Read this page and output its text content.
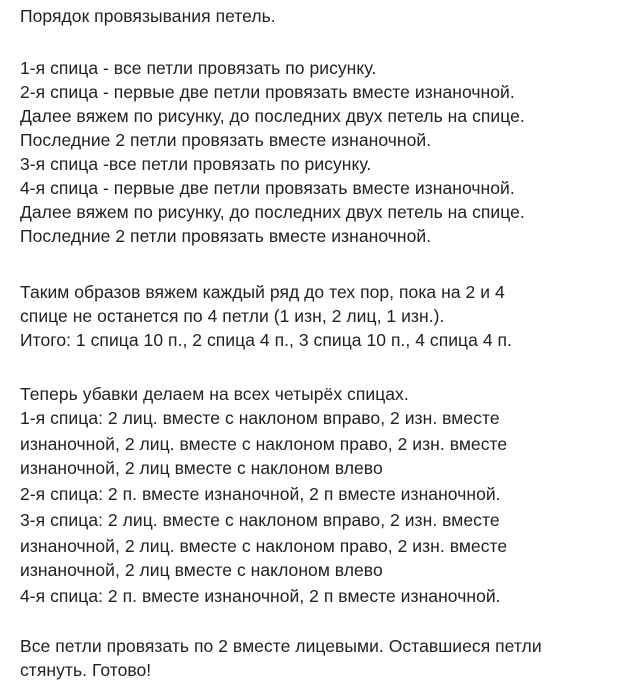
Порядок провязывания петель.
1-я спица - все петли провязать по рисунку.
2-я спица - первые две петли провязать вместе изнаночной.
Далее вяжем по рисунку, до последних двух петель на спице.
Последние 2 петли провязать вместе изнаночной.
3-я спица -все петли провязать по рисунку.
4-я спица - первые две петли провязать вместе изнаночной.
Далее вяжем по рисунку, до последних двух петель на спице.
Последние 2 петли провязать вместе изнаночной.
Таким образов вяжем каждый ряд до тех пор, пока на 2 и 4
спице не останется по 4 петли (1 изн, 2 лиц, 1 изн.).
Итого: 1 спица 10 п., 2 спица 4 п., 3 спица 10 п., 4 спица 4 п.
Теперь убавки делаем на всех четырёх спицах.
1-я спица: 2 лиц. вместе с наклоном вправо, 2 изн. вместе
изнаночной, 2 лиц. вместе с наклоном право, 2 изн. вместе
изнаночной, 2 лиц вместе с наклоном влево
2-я спица: 2 п. вместе изнаночной, 2 п вместе изнаночной.
3-я спица: 2 лиц. вместе с наклоном вправо, 2 изн. вместе
изнаночной, 2 лиц. вместе с наклоном право, 2 изн. вместе
изнаночной, 2 лиц вместе с наклоном влево
4-я спица: 2 п. вместе изнаночной, 2 п вместе изнаночной.
Все петли провязать по 2 вместе лицевыми. Оставшиеся петли
стянуть. Готово!
